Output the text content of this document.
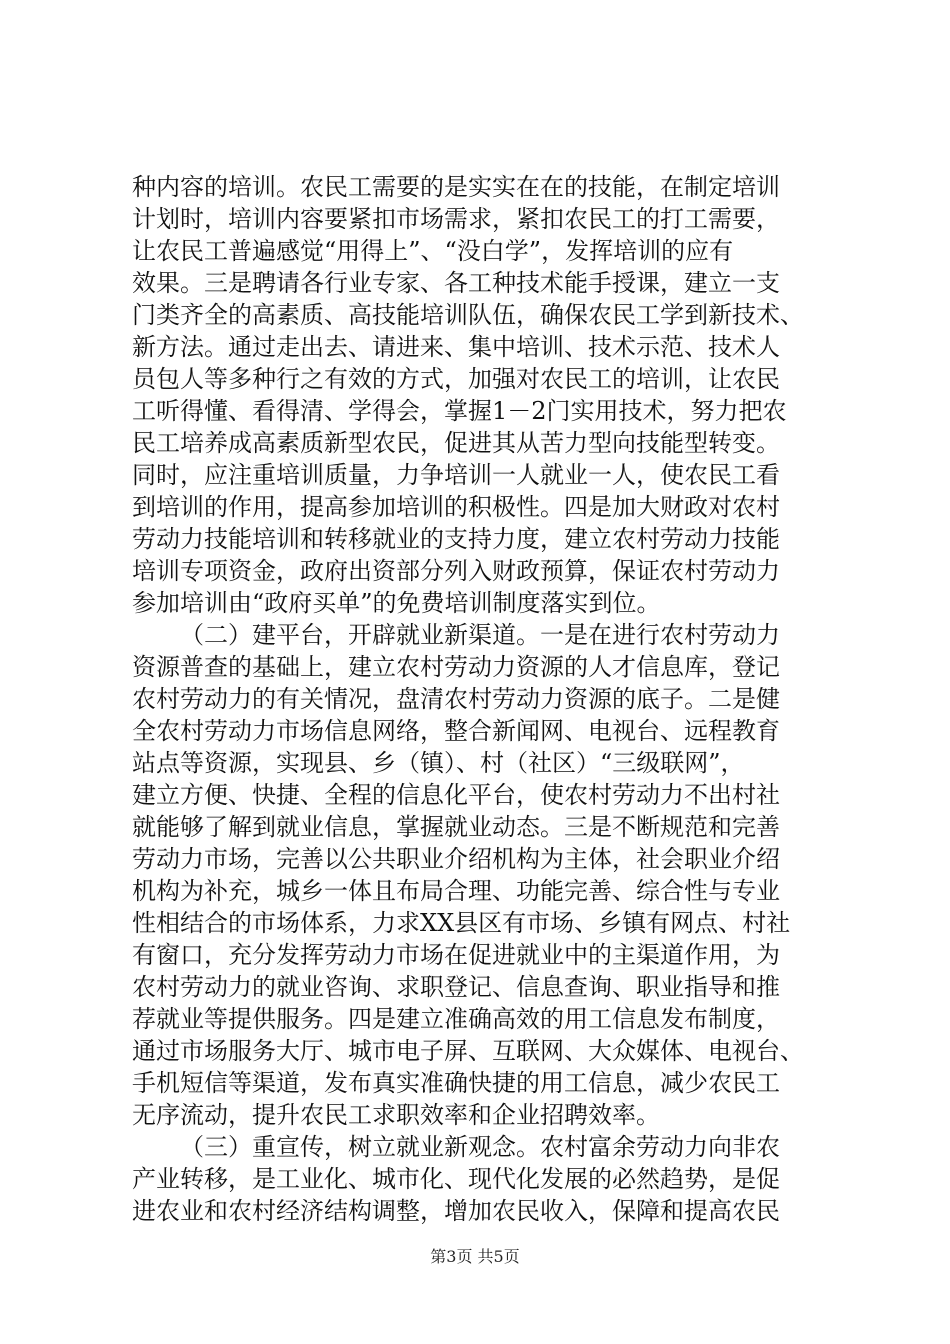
种内容的培训。农民工需要的是实实在在的技能，在制定培训
计划时，培训内容要紧扣市场需求，紧扣农民工的打工需要，
让农民工普遍感觉“用得上”、“没白学”，发挥培训的应有
效果。三是聘请各行业专家、各工种技术能手授课，建立一支
门类齐全的高素质、高技能培训队伍，确保农民工学到新技术、
新方法。通过走出去、请进来、集中培训、技术示范、技术人
员包人等多种行之有效的方式，加强对农民工的培训，让农民
工听得懂、看得清、学得会，掌握1－2门实用技术，努力把农
民工培养成高素质新型农民，促进其从苦力型向技能型转变。
同时，应注重培训质量，力争培训一人就业一人，使农民工看
到培训的作用，提高参加培训的积极性。四是加大财政对农村
劳动力技能培训和转移就业的支持力度，建立农村劳动力技能
培训专项资金，政府出资部分列入财政预算，保证农村劳动力
参加培训由“政府买单”的免费培训制度落实到位。
（二）建平台，开辟就业新渠道。一是在进行农村劳动力
资源普查的基础上，建立农村劳动力资源的人才信息库，登记
农村劳动力的有关情况，盘清农村劳动力资源的底子。二是健
全农村劳动力市场信息网络，整合新闻网、电视台、远程教育
站点等资源，实现县、乡（镇）、村（社区）“三级联网”，
建立方便、快捷、全程的信息化平台，使农村劳动力不出村社
就能够了解到就业信息，掌握就业动态。三是不断规范和完善
劳动力市场，完善以公共职业介绍机构为主体，社会职业介绍
机构为补充，城乡一体且布局合理、功能完善、综合性与专业
性相结合的市场体系，力求XX县区有市场、乡镇有网点、村社
有窗口，充分发挥劳动力市场在促进就业中的主渠道作用，为
农村劳动力的就业咨询、求职登记、信息查询、职业指导和推
荐就业等提供服务。四是建立准确高效的用工信息发布制度，
通过市场服务大厅、城市电子屏、互联网、大众媒体、电视台、
手机短信等渠道，发布真实准确快捷的用工信息，减少农民工
无序流动，提升农民工求职效率和企业招聘效率。
（三）重宣传，树立就业新观念。农村富余劳动力向非农
产业转移，是工业化、城市化、现代化发展的必然趋势，是促
进农业和农村经济结构调整，增加农民收入，保障和提高农民
第3页 共5页
